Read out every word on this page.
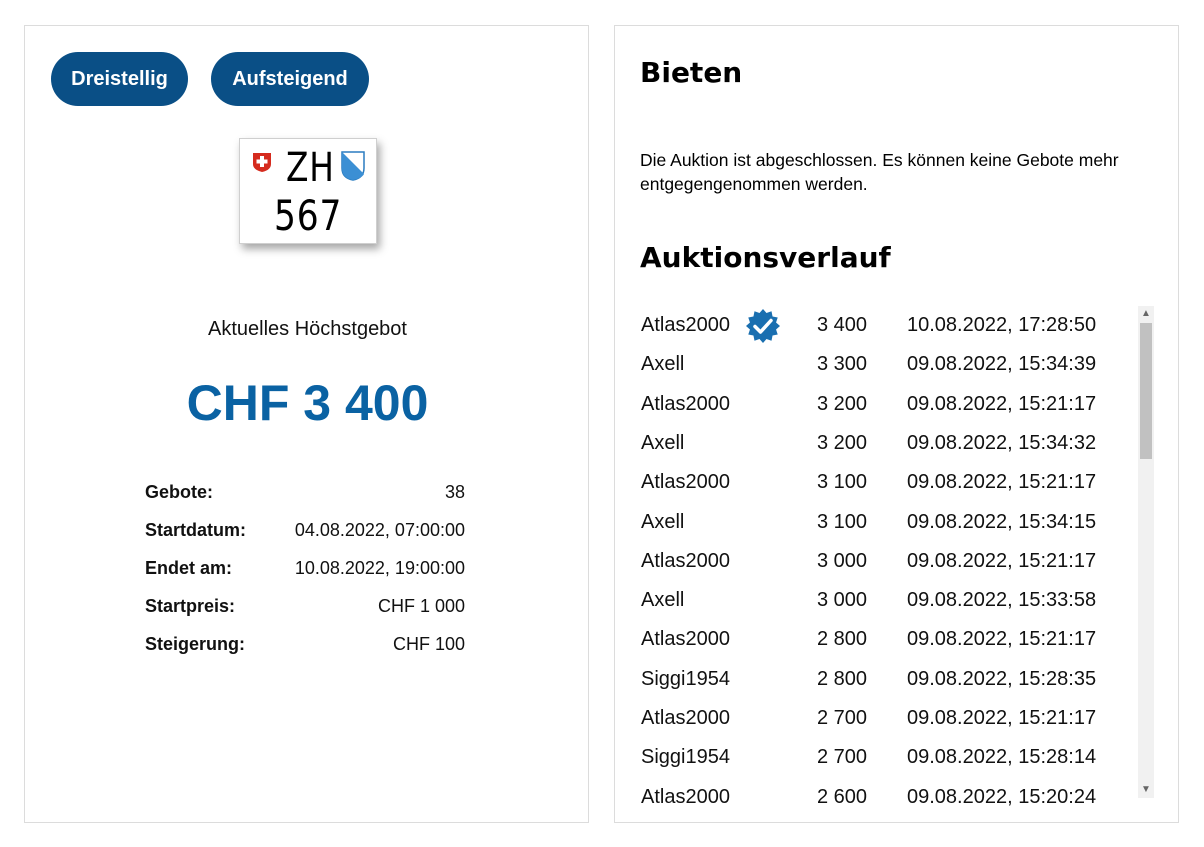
Dreistellig	Aufsteigend
ZH
567
Aktuelles Höchstgebot
CHF 3 400
Gebote:	38
Startdatum:	04.08.2022, 07:00:00
Endet am:	10.08.2022, 19:00:00
Startpreis:	CHF 1 000
Steigerung:	CHF 100
Bieten
Die Auktion ist abgeschlossen. Es können keine Gebote mehr entgegengenommen werden.
Auktionsverlauf
Atlas2000	3 400 10.08.2022, 17:28:50
Axell	3 300 09.08.2022, 15:34:39
Atlas2000	3 200 09.08.2022, 15:21:17
Axell	3 200 09.08.2022, 15:34:32
Atlas2000	3 100 09.08.2022, 15:21:17
Axell	3 100 09.08.2022, 15:34:15
Atlas2000	3 000 09.08.2022, 15:21:17
Axell	3 000 09.08.2022, 15:33:58
Atlas2000	2 800 09.08.2022, 15:21:17
Siggi1954	2 800 09.08.2022, 15:28:35
Atlas2000	2 700 09.08.2022, 15:21:17
Siggi1954	2 700 09.08.2022, 15:28:14
Atlas2000	2 600 09.08.2022, 15:20:24
▲
▼
